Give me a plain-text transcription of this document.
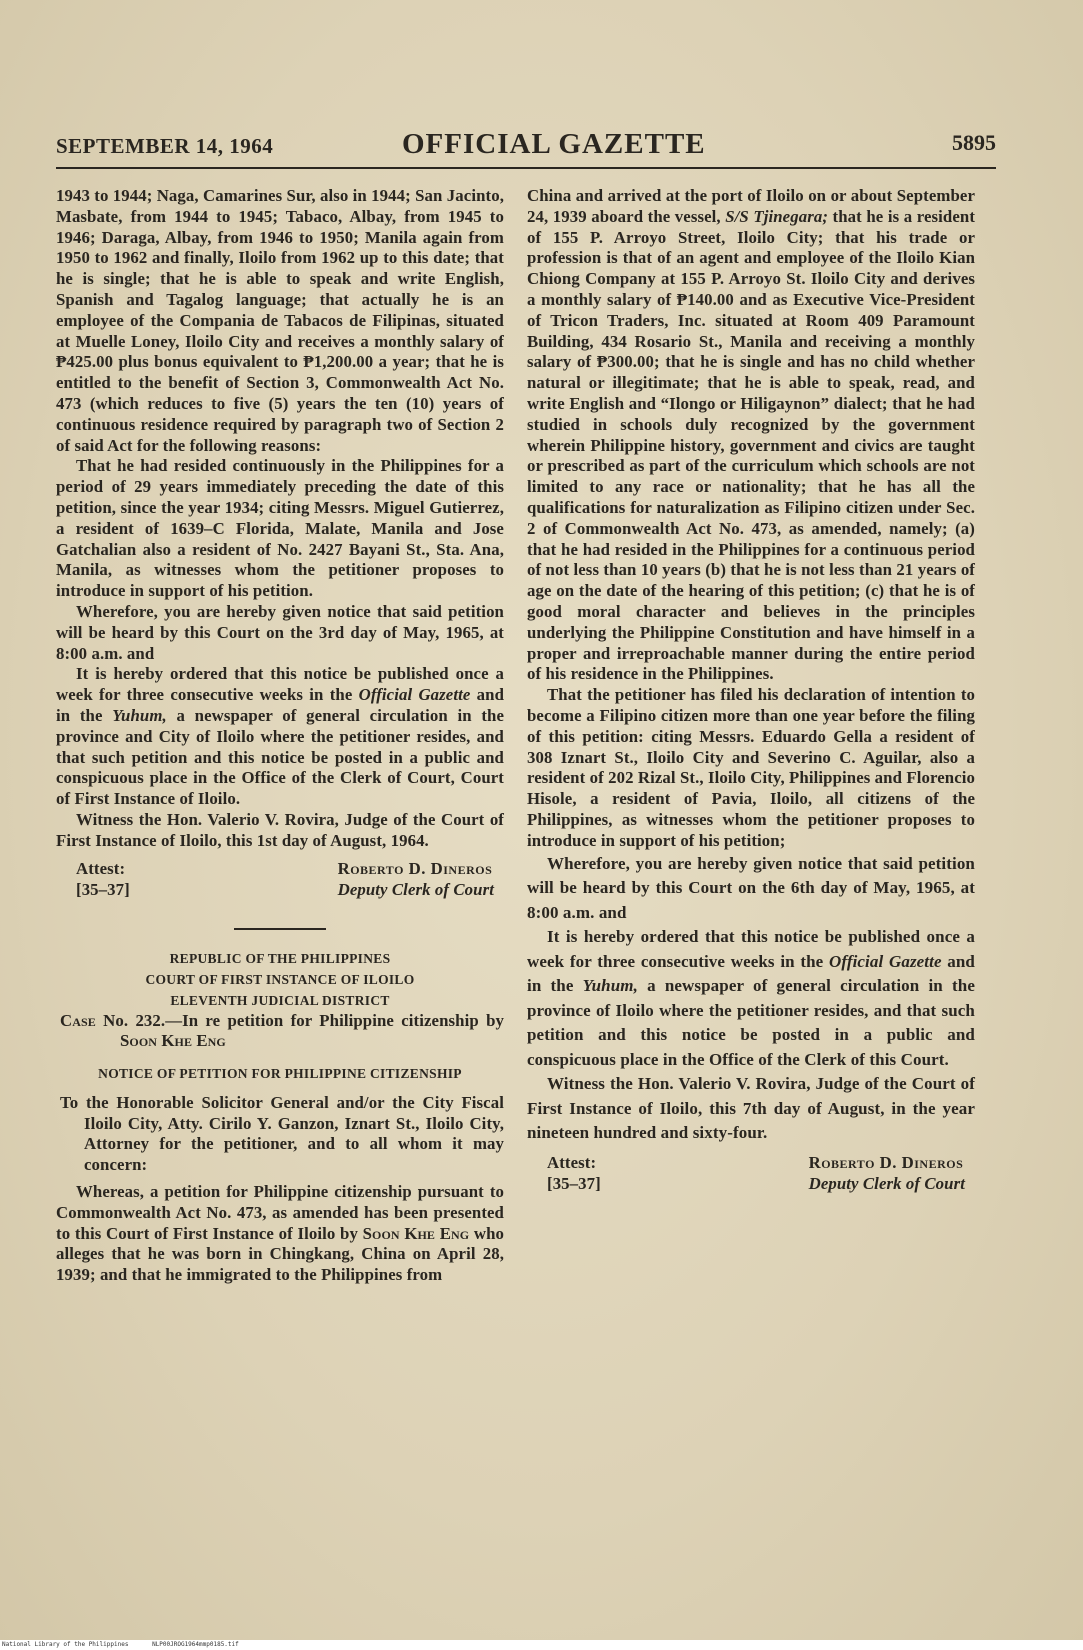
SEPTEMBER 14, 1964	OFFICIAL GAZETTE	5895

1943 to 1944; Naga, Camarines Sur, also in 1944; San Jacinto, Masbate, from 1944 to 1945; Tabaco, Albay, from 1945 to 1946; Daraga, Albay, from 1946 to 1950; Manila again from 1950 to 1962 and finally, Iloilo from 1962 up to this date; that he is single; that he is able to speak and write English, Spanish and Tagalog language; that actually he is an employee of the Compania de Tabacos de Filipinas, situated at Muelle Loney, Iloilo City and receives a monthly salary of ₱425.00 plus bonus equivalent to ₱1,200.00 a year; that he is entitled to the benefit of Section 3, Commonwealth Act No. 473 (which reduces to five (5) years the ten (10) years of continuous residence required by paragraph two of Section 2 of said Act for the following reasons:

That he had resided continuously in the Philippines for a period of 29 years immediately preceding the date of this petition, since the year 1934; citing Messrs. Miguel Gutierrez, a resident of 1639–C Florida, Malate, Manila and Jose Gatchalian also a resident of No. 2427 Bayani St., Sta. Ana, Manila, as witnesses whom the petitioner proposes to introduce in support of his petition.

Wherefore, you are hereby given notice that said petition will be heard by this Court on the 3rd day of May, 1965, at 8:00 a.m. and

It is hereby ordered that this notice be published once a week for three consecutive weeks in the Official Gazette and in the Yuhum, a newspaper of general circulation in the province and City of Iloilo where the petitioner resides, and that such petition and this notice be posted in a public and conspicuous place in the Office of the Clerk of Court, Court of First Instance of Iloilo.

Witness the Hon. Valerio V. Rovira, Judge of the Court of First Instance of Iloilo, this 1st day of August, 1964.

Attest:
[35–37]
Roberto D. Dineros
Deputy Clerk of Court
REPUBLIC OF THE PHILIPPINES
COURT OF FIRST INSTANCE OF ILOILO
ELEVENTH JUDICIAL DISTRICT

Case No. 232.—In re petition for Philippine citizenship by Soon Khe Eng

NOTICE OF PETITION FOR PHILIPPINE CITIZENSHIP

To the Honorable Solicitor General and/or the City Fiscal Iloilo City, Atty. Cirilo Y. Ganzon, Iznart St., Iloilo City, Attorney for the petitioner, and to all whom it may concern:

Whereas, a petition for Philippine citizenship pursuant to Commonwealth Act No. 473, as amended has been presented to this Court of First Instance of Iloilo by Soon Khe Eng who alleges that he was born in Chingkang, China on April 28, 1939; and that he immigrated to the Philippines from

China and arrived at the port of Iloilo on or about September 24, 1939 aboard the vessel, S/S Tjinegara; that he is a resident of 155 P. Arroyo Street, Iloilo City; that his trade or profession is that of an agent and employee of the Iloilo Kian Chiong Company at 155 P. Arroyo St. Iloilo City and derives a monthly salary of ₱140.00 and as Executive Vice-President of Tricon Traders, Inc. situated at Room 409 Paramount Building, 434 Rosario St., Manila and receiving a monthly salary of ₱300.00; that he is single and has no child whether natural or illegitimate; that he is able to speak, read, and write English and “Ilongo or Hiligaynon” dialect; that he had studied in schools duly recognized by the government wherein Philippine history, government and civics are taught or prescribed as part of the curriculum which schools are not limited to any race or nationality; that he has all the qualifications for naturalization as Filipino citizen under Sec. 2 of Commonwealth Act No. 473, as amended, namely; (a) that he had resided in the Philippines for a continuous period of not less than 10 years (b) that he is not less than 21 years of age on the date of the hearing of this petition; (c) that he is of good moral character and believes in the principles underlying the Philippine Constitution and have himself in a proper and irreproachable manner during the entire period of his residence in the Philippines.

That the petitioner has filed his declaration of intention to become a Filipino citizen more than one year before the filing of this petition: citing Messrs. Eduardo Gella a resident of 308 Iznart St., Iloilo City and Severino C. Aguilar, also a resident of 202 Rizal St., Iloilo City, Philippines and Florencio Hisole, a resident of Pavia, Iloilo, all citizens of the Philippines, as witnesses whom the petitioner proposes to introduce in support of his petition;

Wherefore, you are hereby given notice that said petition will be heard by this Court on the 6th day of May, 1965, at 8:00 a.m. and

It is hereby ordered that this notice be published once a week for three consecutive weeks in the Official Gazette and in the Yuhum, a newspaper of general circulation in the province of Iloilo where the petitioner resides, and that such petition and this notice be posted in a public and conspicuous place in the Office of the Clerk of this Court.

Witness the Hon. Valerio V. Rovira, Judge of the Court of First Instance of Iloilo, this 7th day of August, in the year nineteen hundred and sixty-four.

Attest:
[35–37]
Roberto D. Dineros
Deputy Clerk of Court
National Library of the Philippines	NLP00JROG1964mmp0185.tif
